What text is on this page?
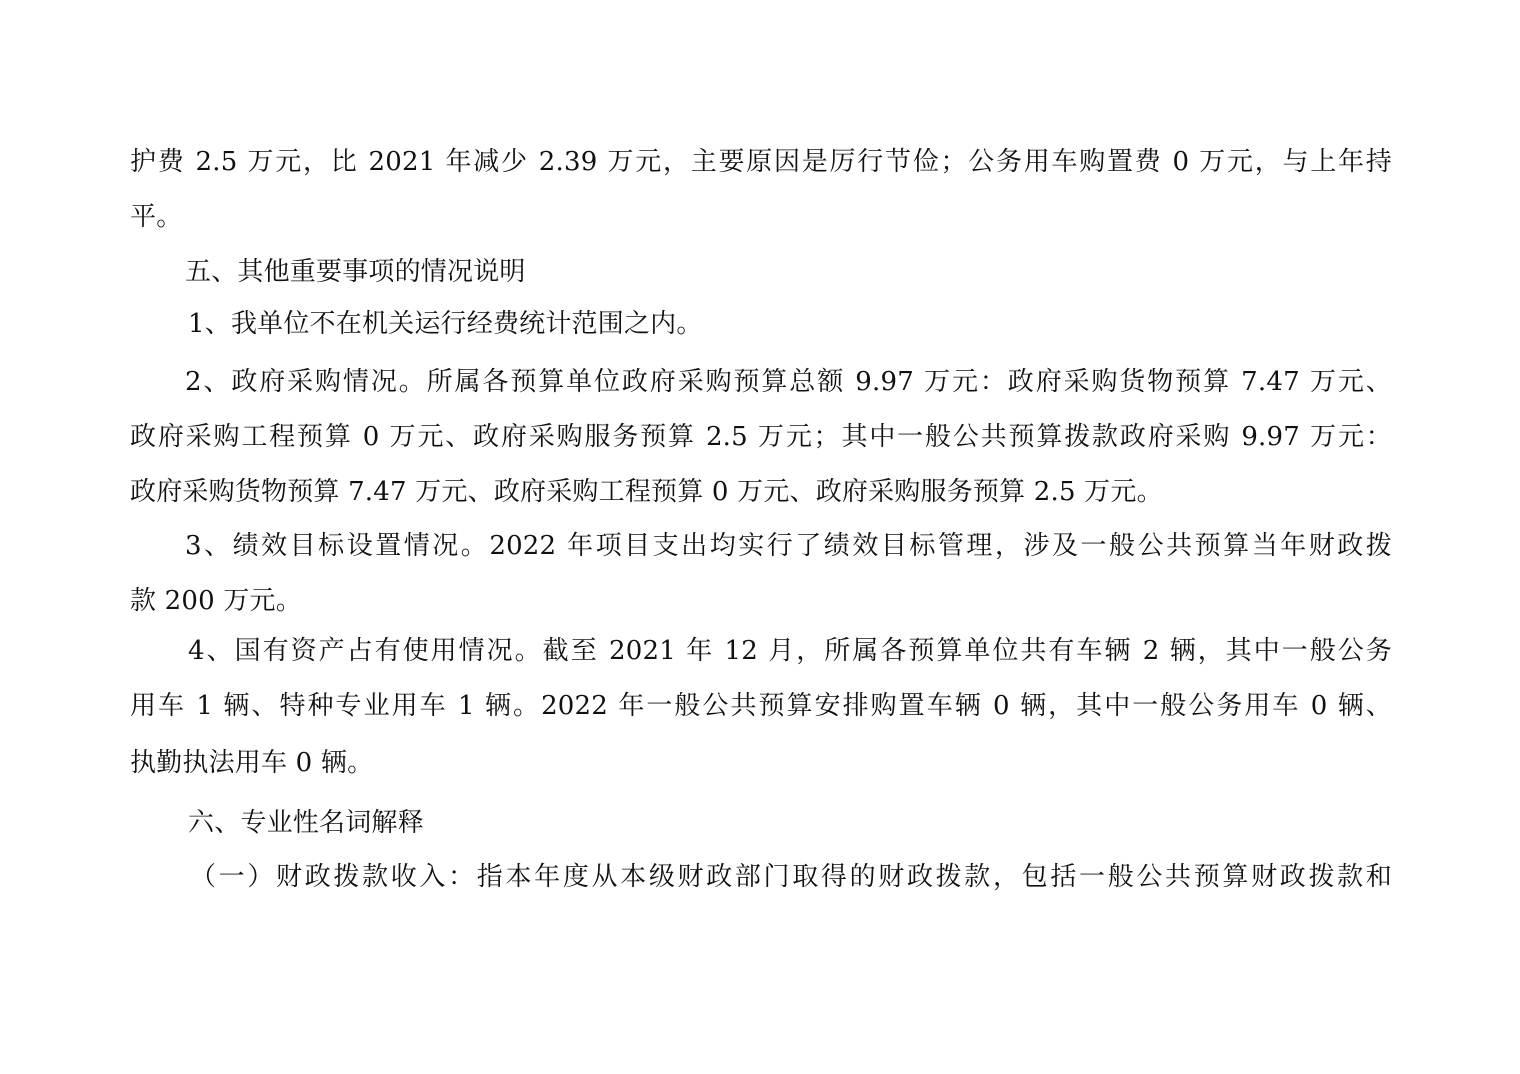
护费 2.5 万元，比 2021 年减少 2.39 万元，主要原因是厉行节俭；公务用车购置费 0 万元，与上年持
平。
五、其他重要事项的情况说明
1、我单位不在机关运行经费统计范围之内。
2、政府采购情况。所属各预算单位政府采购预算总额 9.97 万元：政府采购货物预算 7.47 万元、
政府采购工程预算 0 万元、政府采购服务预算 2.5 万元；其中一般公共预算拨款政府采购 9.97 万元：
政府采购货物预算 7.47 万元、政府采购工程预算 0 万元、政府采购服务预算 2.5 万元。
3、绩效目标设置情况。2022 年项目支出均实行了绩效目标管理，涉及一般公共预算当年财政拨
款 200 万元。
4、国有资产占有使用情况。截至 2021 年 12 月，所属各预算单位共有车辆 2 辆，其中一般公务
用车 1 辆、特种专业用车 1 辆。2022 年一般公共预算安排购置车辆 0 辆，其中一般公务用车 0 辆、
执勤执法用车 0 辆。
六、专业性名词解释
（一）财政拨款收入：指本年度从本级财政部门取得的财政拨款，包括一般公共预算财政拨款和
